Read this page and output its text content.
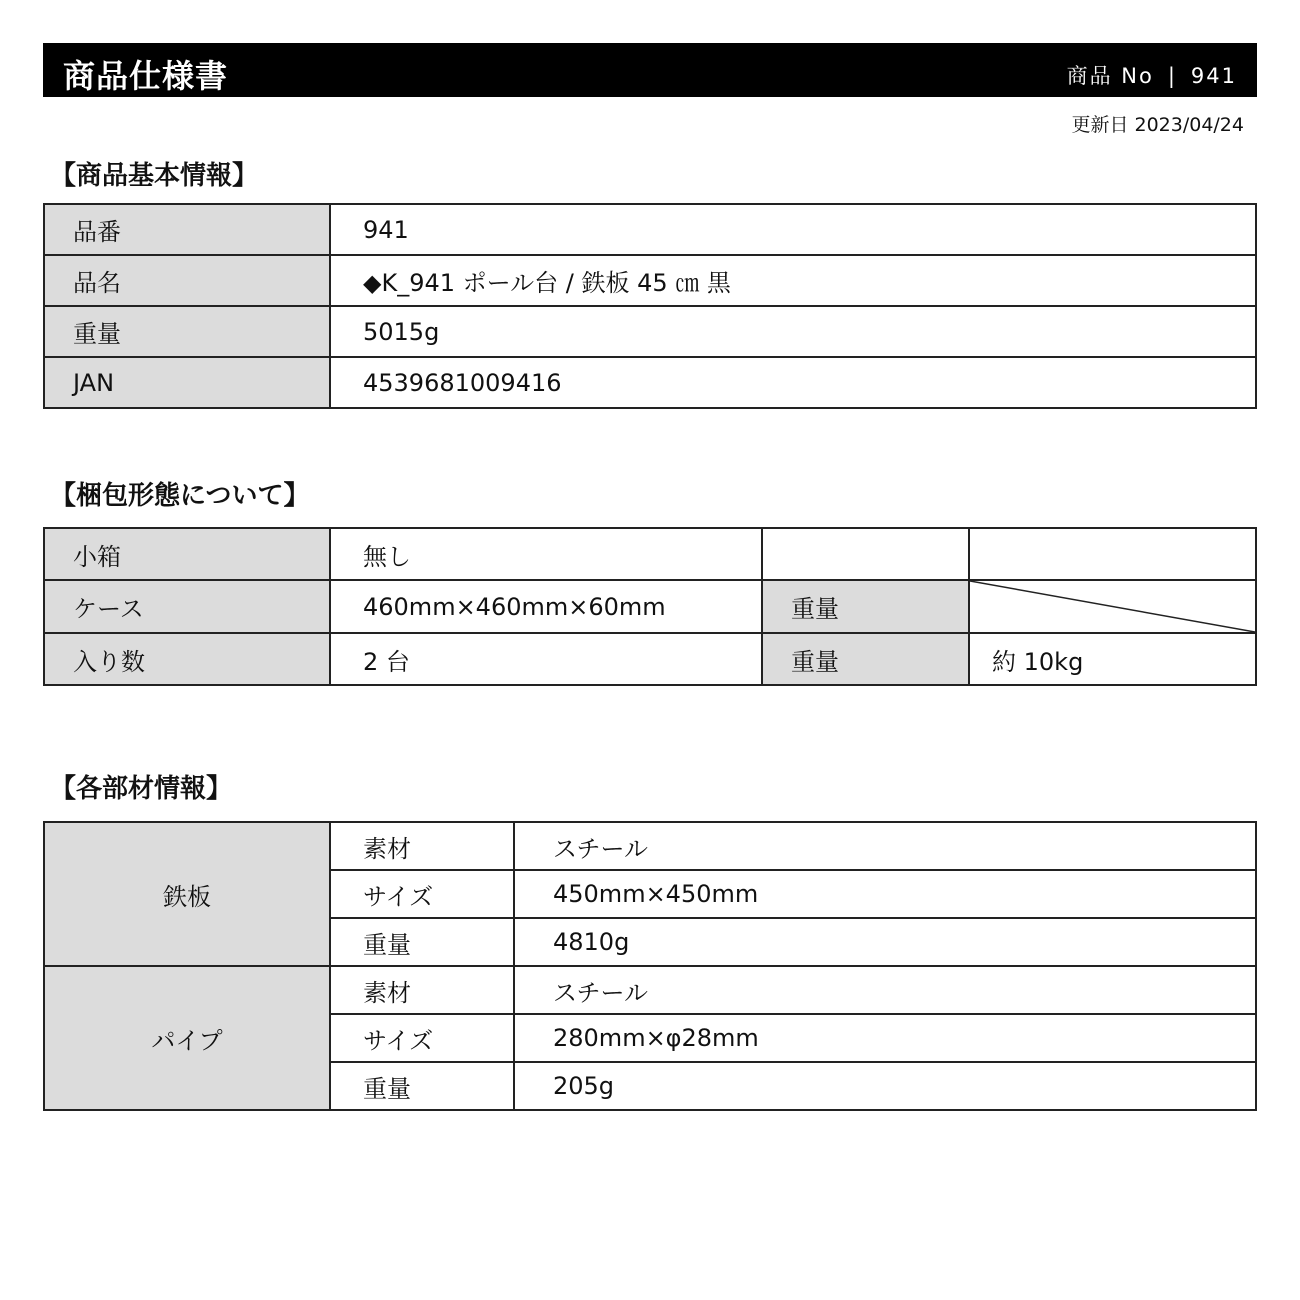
商品仕様書	商品 No | 941
更新日 2023/04/24
【商品基本情報】
品番	941
品名	◆K_941 ポール台 / 鉄板 45 ㎝ 黒
重量	5015g
JAN	4539681009416
【梱包形態について】
小箱	無し		
ケース	460mm×460mm×60mm	重量	

入り数	2 台	重量	約 10kg
【各部材情報】
鉄板	素材	スチール
	サイズ	450mm×450mm
	重量	4810g
パイプ	素材	スチール
	サイズ	280mm×φ28mm
	重量	205g
